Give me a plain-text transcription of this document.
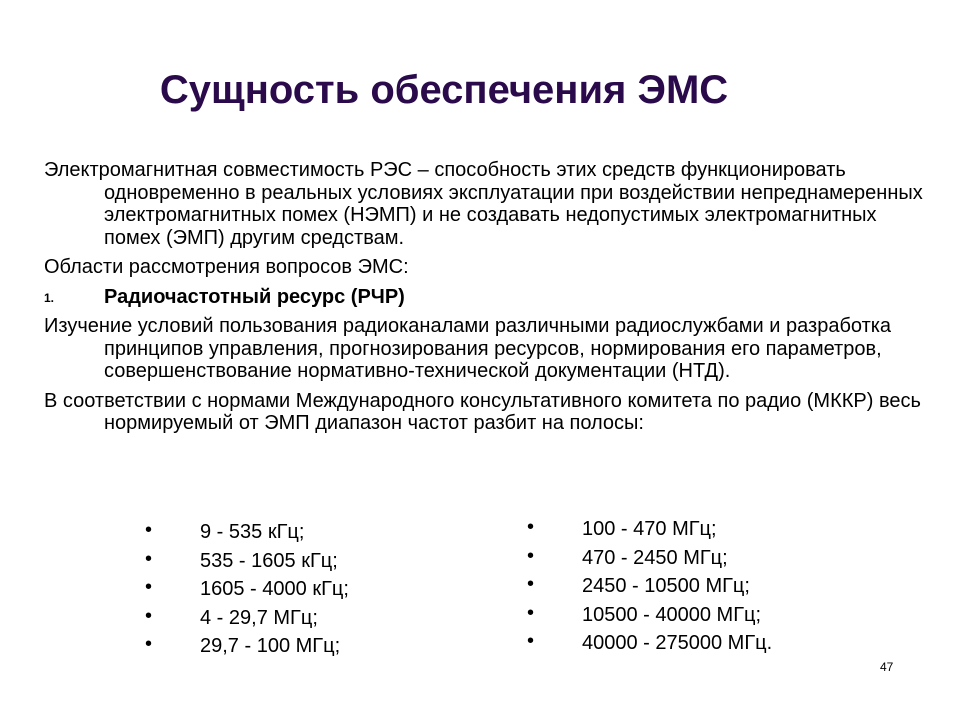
Сущность обеспечения ЭМС

Электромагнитная совместимость РЭС – способность этих средств функционировать одновременно в реальных условиях эксплуатации при воздействии непреднамеренных электромагнитных помех (НЭМП) и не создавать недопустимых электромагнитных помех (ЭМП) другим средствам.

Области рассмотрения вопросов ЭМС:

1. Радиочастотный ресурс (РЧР)

Изучение условий пользования радиоканалами различными радиослужбами и разработка принципов управления, прогнозирования ресурсов, нормирования его параметров, совершенствование нормативно-технической документации (НТД).

В соответствии с нормами Международного консультативного комитета по радио (МККР) весь нормируемый от ЭМП диапазон частот разбит на полосы:

• 9 - 535 кГц;
• 535 - 1605 кГц;
• 1605 - 4000 кГц;
• 4 - 29,7 МГц;
• 29,7 - 100 МГц;
• 100 - 470 МГц;
• 470 - 2450 МГц;
• 2450 - 10500 МГц;
• 10500 - 40000 МГц;
• 40000 - 275000 МГц.
47
